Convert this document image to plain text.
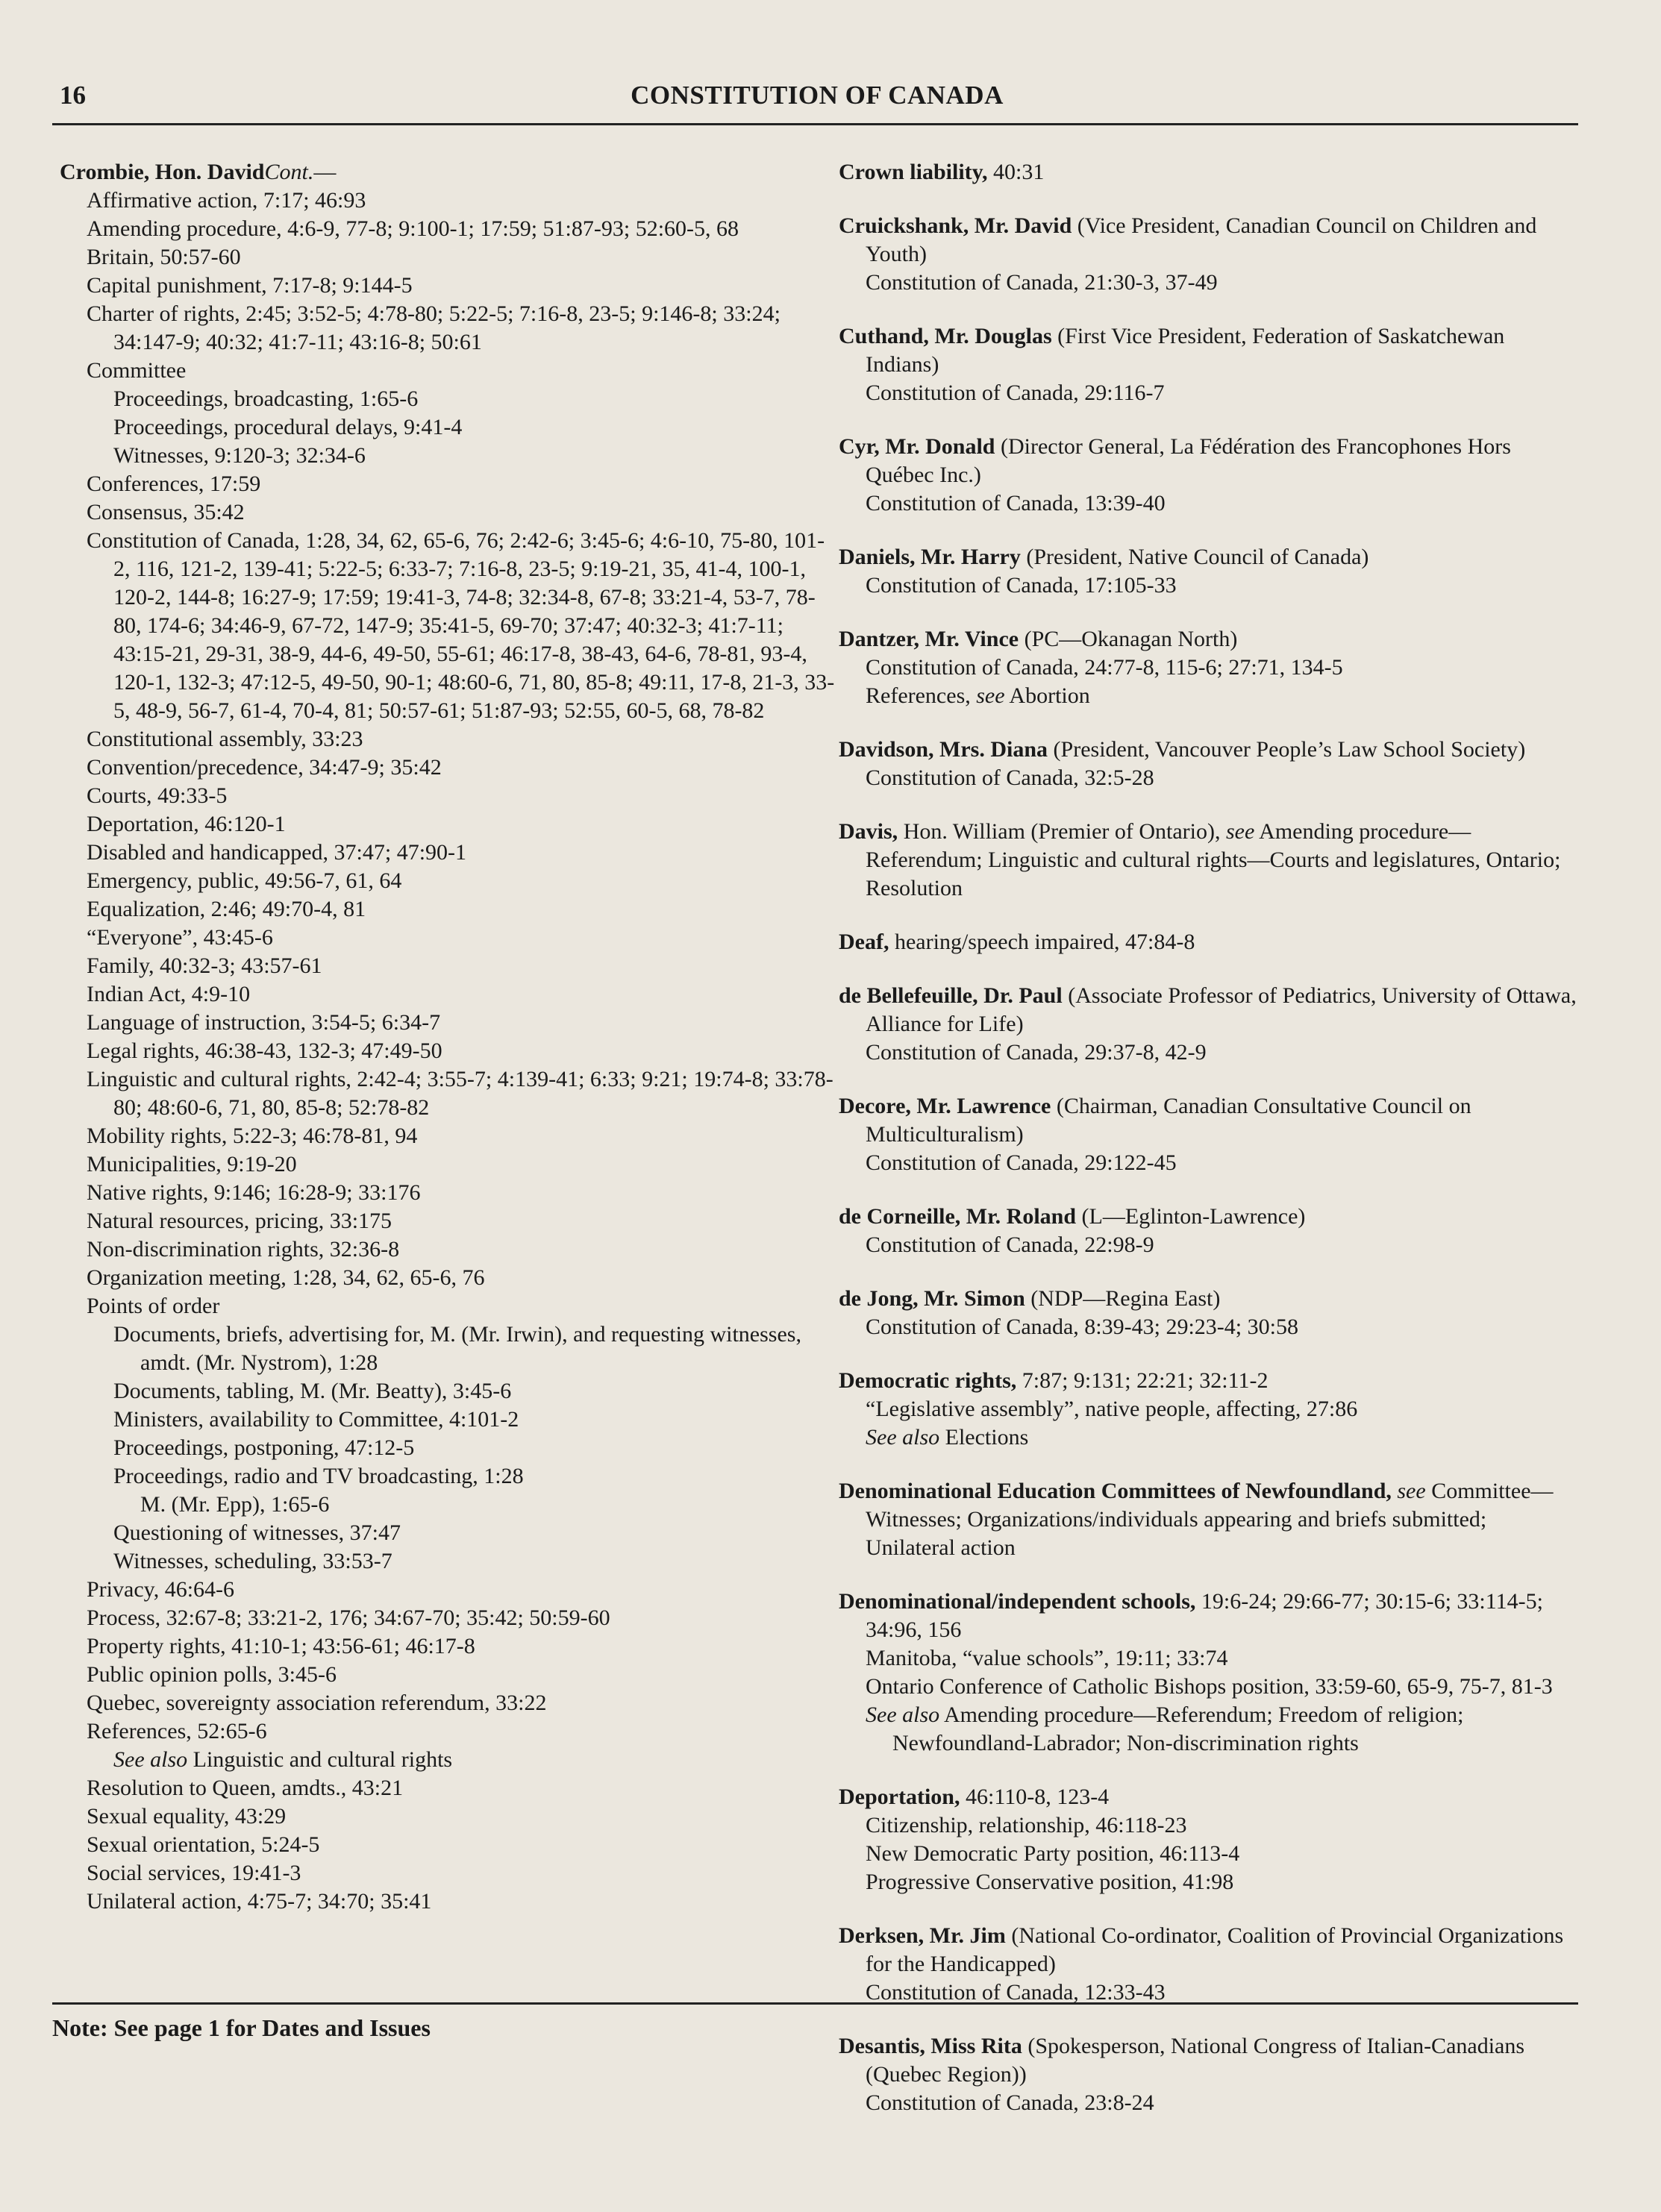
16	CONSTITUTION OF CANADA
Crombie, Hon. DavidCont.—
Affirmative action, 7:17; 46:93
Amending procedure, 4:6-9, 77-8; 9:100-1; 17:59; 51:87-93; 52:60-5, 68
Britain, 50:57-60
Capital punishment, 7:17-8; 9:144-5
Charter of rights, 2:45; 3:52-5; 4:78-80; 5:22-5; 7:16-8, 23-5; 9:146-8; 33:24; 34:147-9; 40:32; 41:7-11; 43:16-8; 50:61
Committee
Proceedings, broadcasting, 1:65-6
Proceedings, procedural delays, 9:41-4
Witnesses, 9:120-3; 32:34-6
Conferences, 17:59
Consensus, 35:42
Constitution of Canada, 1:28, 34, 62, 65-6, 76; 2:42-6; 3:45-6; 4:6-10, 75-80, 101-2, 116, 121-2, 139-41; 5:22-5; 6:33-7; 7:16-8, 23-5; 9:19-21, 35, 41-4, 100-1, 120-2, 144-8; 16:27-9; 17:59; 19:41-3, 74-8; 32:34-8, 67-8; 33:21-4, 53-7, 78-80, 174-6; 34:46-9, 67-72, 147-9; 35:41-5, 69-70; 37:47; 40:32-3; 41:7-11; 43:15-21, 29-31, 38-9, 44-6, 49-50, 55-61; 46:17-8, 38-43, 64-6, 78-81, 93-4, 120-1, 132-3; 47:12-5, 49-50, 90-1; 48:60-6, 71, 80, 85-8; 49:11, 17-8, 21-3, 33-5, 48-9, 56-7, 61-4, 70-4, 81; 50:57-61; 51:87-93; 52:55, 60-5, 68, 78-82
Constitutional assembly, 33:23
Convention/precedence, 34:47-9; 35:42
Courts, 49:33-5
Deportation, 46:120-1
Disabled and handicapped, 37:47; 47:90-1
Emergency, public, 49:56-7, 61, 64
Equalization, 2:46; 49:70-4, 81
“Everyone”, 43:45-6
Family, 40:32-3; 43:57-61
Indian Act, 4:9-10
Language of instruction, 3:54-5; 6:34-7
Legal rights, 46:38-43, 132-3; 47:49-50
Linguistic and cultural rights, 2:42-4; 3:55-7; 4:139-41; 6:33; 9:21; 19:74-8; 33:78-80; 48:60-6, 71, 80, 85-8; 52:78-82
Mobility rights, 5:22-3; 46:78-81, 94
Municipalities, 9:19-20
Native rights, 9:146; 16:28-9; 33:176
Natural resources, pricing, 33:175
Non-discrimination rights, 32:36-8
Organization meeting, 1:28, 34, 62, 65-6, 76
Points of order
Documents, briefs, advertising for, M. (Mr. Irwin), and requesting witnesses, amdt. (Mr. Nystrom), 1:28
Documents, tabling, M. (Mr. Beatty), 3:45-6
Ministers, availability to Committee, 4:101-2
Proceedings, postponing, 47:12-5
Proceedings, radio and TV broadcasting, 1:28
M. (Mr. Epp), 1:65-6
Questioning of witnesses, 37:47
Witnesses, scheduling, 33:53-7
Privacy, 46:64-6
Process, 32:67-8; 33:21-2, 176; 34:67-70; 35:42; 50:59-60
Property rights, 41:10-1; 43:56-61; 46:17-8
Public opinion polls, 3:45-6
Quebec, sovereignty association referendum, 33:22
References, 52:65-6
See also Linguistic and cultural rights
Resolution to Queen, amdts., 43:21
Sexual equality, 43:29
Sexual orientation, 5:24-5
Social services, 19:41-3
Unilateral action, 4:75-7; 34:70; 35:41
Crown liability, 40:31
Cruickshank, Mr. David (Vice President, Canadian Council on Children and Youth)
Constitution of Canada, 21:30-3, 37-49
Cuthand, Mr. Douglas (First Vice President, Federation of Saskatchewan Indians)
Constitution of Canada, 29:116-7
Cyr, Mr. Donald (Director General, La Fédération des Francophones Hors Québec Inc.)
Constitution of Canada, 13:39-40
Daniels, Mr. Harry (President, Native Council of Canada)
Constitution of Canada, 17:105-33
Dantzer, Mr. Vince (PC—Okanagan North)
Constitution of Canada, 24:77-8, 115-6; 27:71, 134-5
References, see Abortion
Davidson, Mrs. Diana (President, Vancouver People’s Law School Society)
Constitution of Canada, 32:5-28
Davis, Hon. William (Premier of Ontario), see Amending procedure—Referendum; Linguistic and cultural rights—Courts and legislatures, Ontario; Resolution
Deaf, hearing/speech impaired, 47:84-8
de Bellefeuille, Dr. Paul (Associate Professor of Pediatrics, University of Ottawa, Alliance for Life)
Constitution of Canada, 29:37-8, 42-9
Decore, Mr. Lawrence (Chairman, Canadian Consultative Council on Multiculturalism)
Constitution of Canada, 29:122-45
de Corneille, Mr. Roland (L—Eglinton-Lawrence)
Constitution of Canada, 22:98-9
de Jong, Mr. Simon (NDP—Regina East)
Constitution of Canada, 8:39-43; 29:23-4; 30:58
Democratic rights, 7:87; 9:131; 22:21; 32:11-2
“Legislative assembly”, native people, affecting, 27:86
See also Elections
Denominational Education Committees of Newfoundland, see Committee—Witnesses; Organizations/individuals appearing and briefs submitted; Unilateral action
Denominational/independent schools, 19:6-24; 29:66-77; 30:15-6; 33:114-5; 34:96, 156
Manitoba, “value schools”, 19:11; 33:74
Ontario Conference of Catholic Bishops position, 33:59-60, 65-9, 75-7, 81-3
See also Amending procedure—Referendum; Freedom of religion; Newfoundland-Labrador; Non-discrimination rights
Deportation, 46:110-8, 123-4
Citizenship, relationship, 46:118-23
New Democratic Party position, 46:113-4
Progressive Conservative position, 41:98
Derksen, Mr. Jim (National Co-ordinator, Coalition of Provincial Organizations for the Handicapped)
Constitution of Canada, 12:33-43
Desantis, Miss Rita (Spokesperson, National Congress of Italian-Canadians (Quebec Region))
Constitution of Canada, 23:8-24
Note: See page 1 for Dates and Issues
